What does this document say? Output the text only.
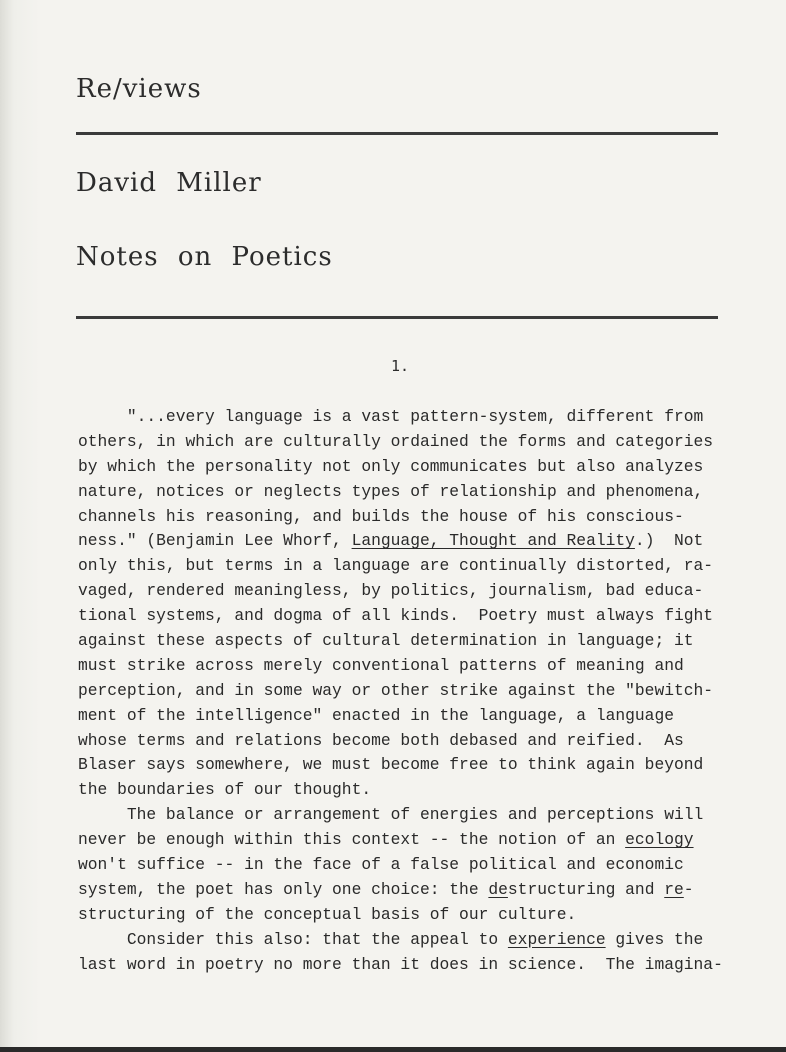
Re/views
David Miller
Notes on Poetics
1.
"...every language is a vast pattern-system, different from
others, in which are culturally ordained the forms and categories
by which the personality not only communicates but also analyzes
nature, notices or neglects types of relationship and phenomena,
channels his reasoning, and builds the house of his conscious-
ness." (Benjamin Lee Whorf, Language, Thought and Reality.)  Not
only this, but terms in a language are continually distorted, ra-
vaged, rendered meaningless, by politics, journalism, bad educa-
tional systems, and dogma of all kinds.  Poetry must always fight
against these aspects of cultural determination in language; it
must strike across merely conventional patterns of meaning and
perception, and in some way or other strike against the "bewitch-
ment of the intelligence" enacted in the language, a language
whose terms and relations become both debased and reified.  As
Blaser says somewhere, we must become free to think again beyond
the boundaries of our thought.
The balance or arrangement of energies and perceptions will
never be enough within this context -- the notion of an ecology
won't suffice -- in the face of a false political and economic
system, the poet has only one choice: the destructuring and re-
structuring of the conceptual basis of our culture.
Consider this also: that the appeal to experience gives the
last word in poetry no more than it does in science.  The imagina-
